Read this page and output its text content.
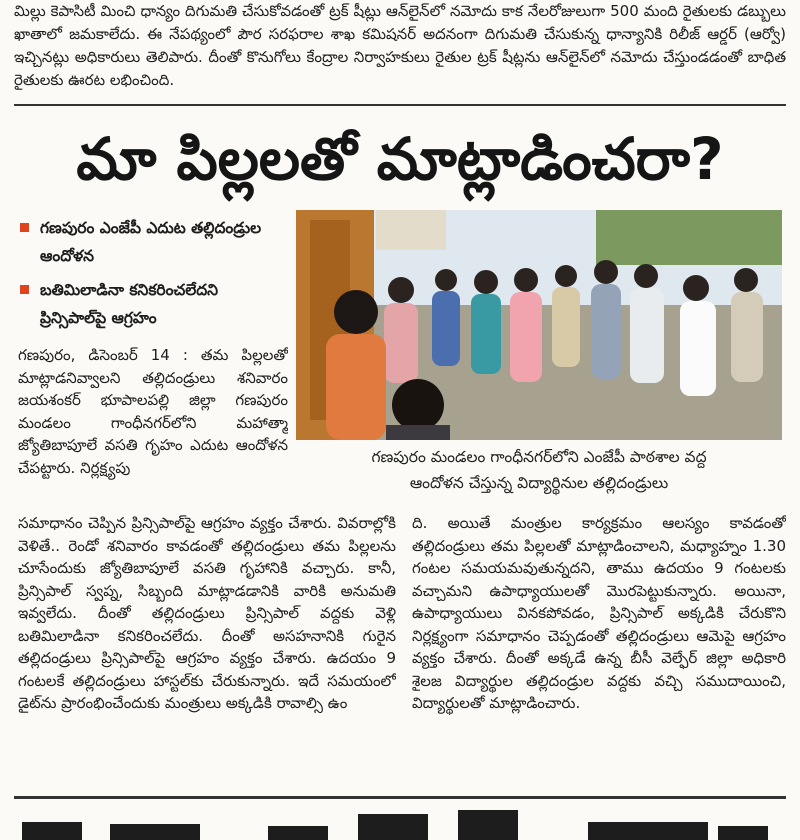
మిల్లు కెపాసిటీ మించి ధాన్యం దిగుమతి చేసుకోవడంతో ట్రక్ షీట్లు ఆన్‌లైన్‌లో నమోదు కాక నేలరోజులుగా 500 మంది రైతులకు డబ్బులు ఖాతాలో జమకాలేదు. ఈ నేపథ్యంలో పౌర సరఫరాల శాఖ కమిషనర్ అదనంగా దిగుమతి చేసుకున్న ధాన్యానికి రిలీజ్ ఆర్డర్ (ఆర్వో) ఇచ్చినట్లు అధికారులు తెలిపారు. దీంతో కొనుగోలు కేంద్రాల నిర్వాహకులు రైతుల ట్రక్ షీట్లను ఆన్‌లైన్‌లో నమోదు చేస్తుండడంతో బాధిత రైతులకు ఊరట లభించింది.

మా పిల్లలతో మాట్లాడించరా?
గణపురం ఎంజేపీ ఎదుట తల్లిదండ్రుల ఆందోళన
బతిమిలాడినా కనికరించలేదని ప్రిన్సిపాల్‌పై ఆగ్రహం
గణపురం మండలం గాంధీనగర్‌లోని ఎంజేపీ పాఠశాల వద్ద
ఆందోళన చేస్తున్న విద్యార్థినుల తల్లిదండ్రులు
గణపురం, డిసెంబర్ 14 : తమ పిల్లలతో మాట్లాడనివ్వాలని తల్లిదండ్రులు శనివారం జయశంకర్ భూపాలపల్లి జిల్లా గణపురం మండలం గాంధీనగర్‌లోని మహాత్మా జ్యోతిబాపూలే వసతి గృహం ఎదుట ఆందోళన చేపట్టారు. నిర్లక్ష్యపు
సమాధానం చెప్పిన ప్రిన్సిపాల్‌పై ఆగ్రహం వ్యక్తం చేశారు. వివరాల్లోకి వెళితే.. రెండో శనివారం కావడంతో తల్లిదండ్రులు తమ పిల్లలను చూసేందుకు జ్యోతిబాపూలే వసతి గృహానికి వచ్చారు. కానీ, ప్రిన్సిపాల్ స్వప్న, సిబ్బంది మాట్లాడడానికి వారికి అనుమతి ఇవ్వలేదు. దీంతో తల్లిదండ్రులు ప్రిన్సిపాల్ వద్దకు వెళ్లి బతిమిలాడినా కనికరించలేదు. దీంతో అసహనానికి గురైన తల్లిదండ్రులు ప్రిన్సిపాల్‌పై ఆగ్రహం వ్యక్తం చేశారు. ఉదయం 9 గంటలకే తల్లిదండ్రులు హాస్టల్‌కు చేరుకున్నారు. ఇదే సమయంలో డైట్‌ను ప్రారంభించేందుకు మంత్రులు అక్కడికి రావాల్సి ఉం
ది. అయితే మంత్రుల కార్యక్రమం ఆలస్యం కావడంతో తల్లిదండ్రులు తమ పిల్లలతో మాట్లాడించాలని, మధ్యాహ్నం 1.30 గంటల సమయమవుతున్నదని, తాము ఉదయం 9 గంటలకు వచ్చామని ఉపాధ్యాయులతో మొరపెట్టుకున్నారు. అయినా, ఉపాధ్యాయులు వినకపోవడం, ప్రిన్సిపాల్ అక్కడికి చేరుకొని నిర్లక్ష్యంగా సమాధానం చెప్పడంతో తల్లిదండ్రులు ఆమెపై ఆగ్రహం వ్యక్తం చేశారు. దీంతో అక్కడే ఉన్న బీసీ వెల్ఫేర్ జిల్లా అధికారి శైలజ విద్యార్థుల తల్లిదండ్రుల వద్దకు వచ్చి సముదాయించి, విద్యార్థులతో మాట్లాడించారు.
